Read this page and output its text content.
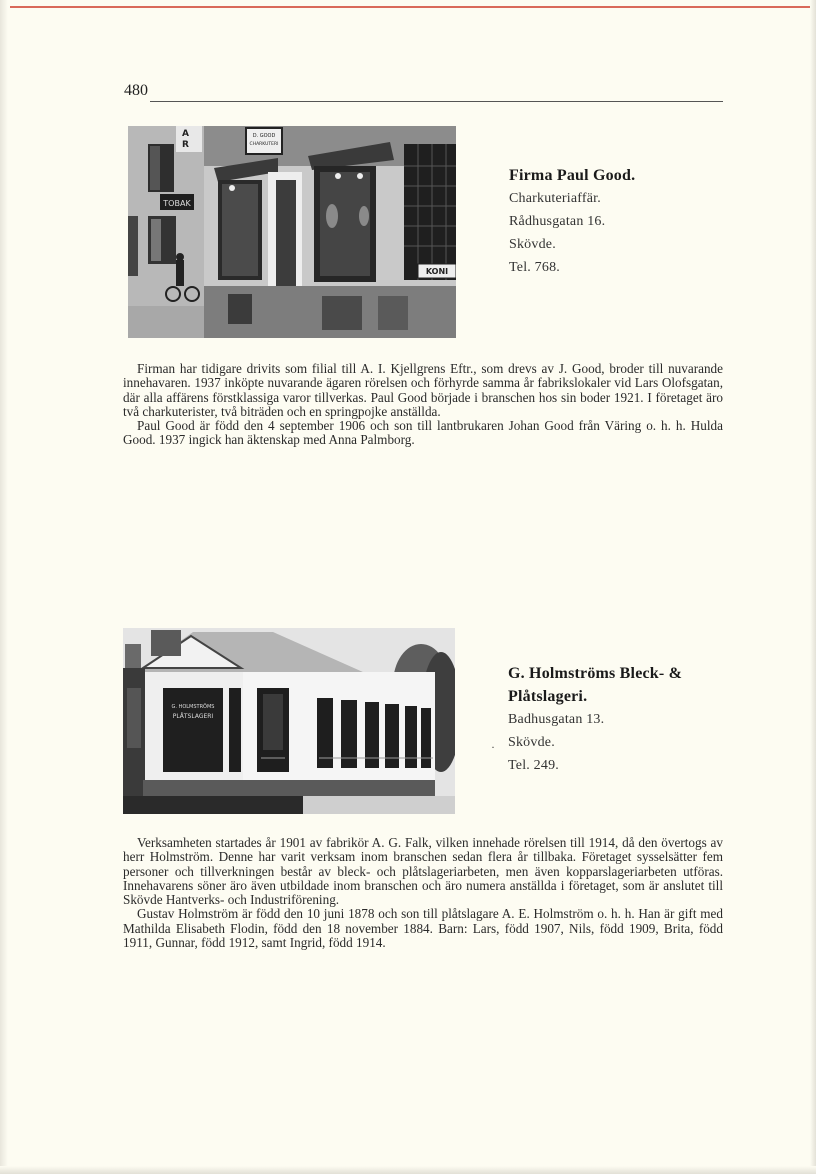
480
TOBAK
A
R
D. GOOD
CHARKUTERI
KONI
Firma Paul Good.
Charkuteriaffär.
Rådhusgatan 16.
Skövde.
Tel. 768.

Firman har tidigare drivits som filial till A. I. Kjellgrens Eftr., som drevs av J. Good, broder till nuvarande innehavaren. 1937 inköpte nuvarande ägaren rörelsen och förhyrde samma år fabrikslokaler vid Lars Olofsgatan, där alla affärens förstklassiga varor tillverkas. Paul Good började i branschen hos sin boder 1921. I företaget äro två charkuterister, två biträden och en springpojke anställda.

Paul Good är född den 4 september 1906 och son till lantbrukaren Johan Good från Väring o. h. h. Hulda Good. 1937 ingick han äktenskap med Anna Palmborg.

G. HOLMSTRÖMS
PLÅTSLAGERI
G. Holmströms Bleck- &
Plåtslageri.
Badhusgatan 13.
Skövde.
Tel. 249.
·

Verksamheten startades år 1901 av fabrikör A. G. Falk, vilken innehade rörelsen till 1914, då den övertogs av herr Holmström. Denne har varit verksam inom branschen sedan flera år tillbaka. Företaget sysselsätter fem personer och tillverkningen består av bleck- och plåtslageriarbeten, men även kopparslageriarbeten utföras. Innehavarens söner äro även utbildade inom branschen och äro numera anställda i företaget, som är anslutet till Skövde Hantverks- och Industriförening.

Gustav Holmström är född den 10 juni 1878 och son till plåtslagare A. E. Holmström o. h. h. Han är gift med Mathilda Elisabeth Flodin, född den 18 november 1884. Barn: Lars, född 1907, Nils, född 1909, Brita, född 1911, Gunnar, född 1912, samt Ingrid, född 1914.
